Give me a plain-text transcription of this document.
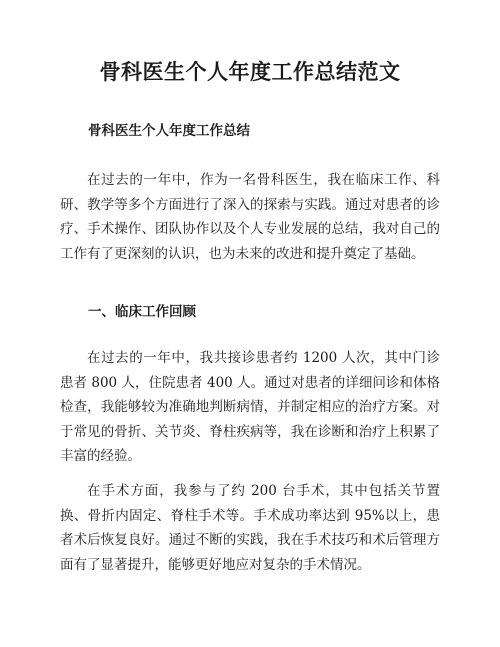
骨科医生个人年度工作总结范文
骨科医生个人年度工作总结

在过去的一年中，作为一名骨科医生，我在临床工作、科研、教学等多个方面进行了深入的探索与实践。通过对患者的诊疗、手术操作、团队协作以及个人专业发展的总结，我对自己的工作有了更深刻的认识，也为未来的改进和提升奠定了基础。

一、临床工作回顾

在过去的一年中，我共接诊患者约 1200 人次，其中门诊患者 800 人，住院患者 400 人。通过对患者的详细问诊和体格检查，我能够较为准确地判断病情，并制定相应的治疗方案。对于常见的骨折、关节炎、脊柱疾病等，我在诊断和治疗上积累了丰富的经验。

在手术方面，我参与了约 200 台手术，其中包括关节置换、骨折内固定、脊柱手术等。手术成功率达到 95%以上，患者术后恢复良好。通过不断的实践，我在手术技巧和术后管理方面有了显著提升，能够更好地应对复杂的手术情况。
